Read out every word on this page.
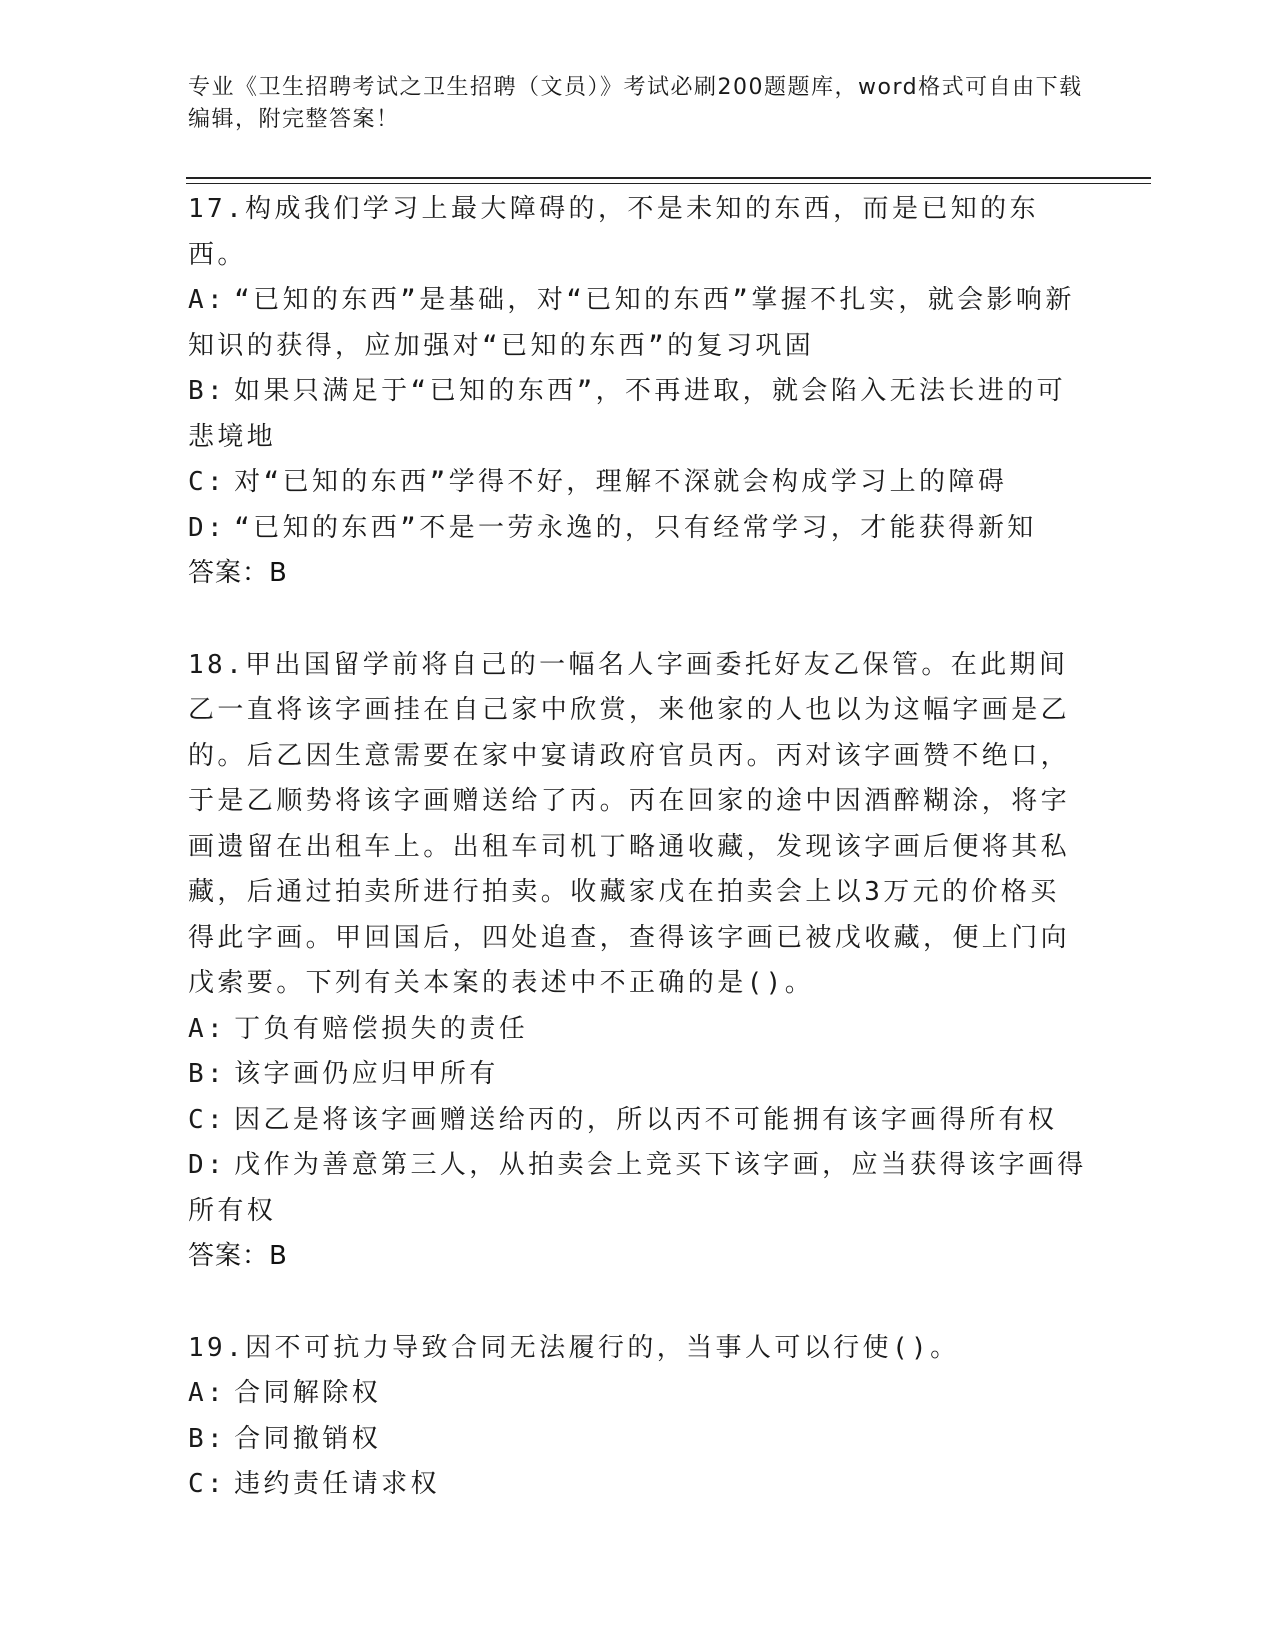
专业《卫生招聘考试之卫生招聘（文员）》考试必刷200题题库，word格式可自由下载编辑，附完整答案！

17.构成我们学习上最大障碍的，不是未知的东西，而是已知的东西。

A: “已知的东西”是基础，对“已知的东西”掌握不扎实，就会影响新知识的获得，应加强对“已知的东西”的复习巩固

B: 如果只满足于“已知的东西”，不再进取，就会陷入无法长进的可悲境地

C: 对“已知的东西”学得不好，理解不深就会构成学习上的障碍

D: “已知的东西”不是一劳永逸的，只有经常学习，才能获得新知

答案：B

18.甲出国留学前将自己的一幅名人字画委托好友乙保管。在此期间乙一直将该字画挂在自己家中欣赏，来他家的人也以为这幅字画是乙的。后乙因生意需要在家中宴请政府官员丙。丙对该字画赞不绝口，于是乙顺势将该字画赠送给了丙。丙在回家的途中因酒醉糊涂，将字画遗留在出租车上。出租车司机丁略通收藏，发现该字画后便将其私藏，后通过拍卖所进行拍卖。收藏家戊在拍卖会上以3万元的价格买得此字画。甲回国后，四处追查，查得该字画已被戊收藏，便上门向戊索要。下列有关本案的表述中不正确的是()。

A: 丁负有赔偿损失的责任

B: 该字画仍应归甲所有

C: 因乙是将该字画赠送给丙的，所以丙不可能拥有该字画得所有权

D: 戊作为善意第三人，从拍卖会上竞买下该字画，应当获得该字画得所有权

答案：B

19.因不可抗力导致合同无法履行的，当事人可以行使()。

A: 合同解除权

B: 合同撤销权

C: 违约责任请求权
